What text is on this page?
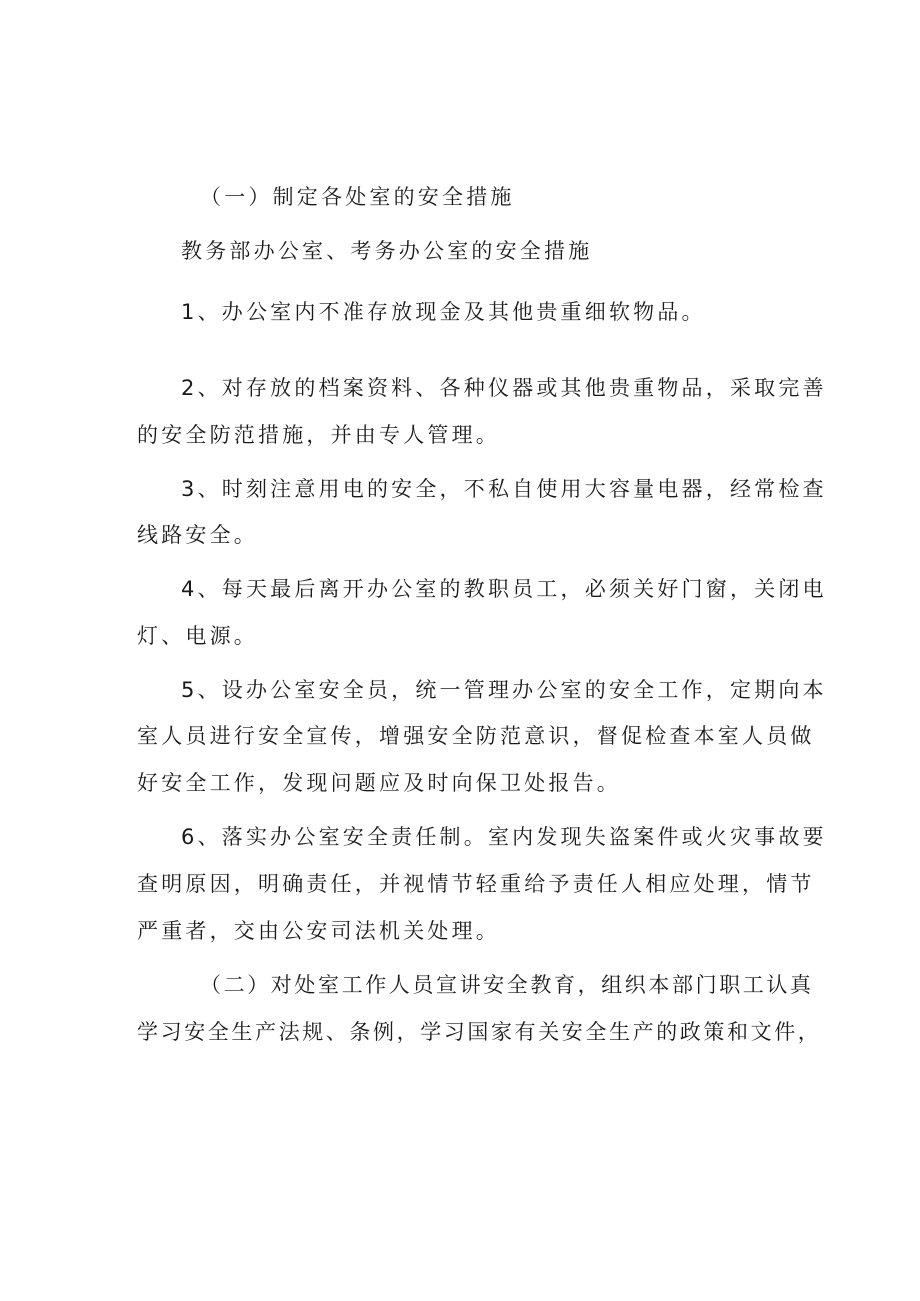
（一）制定各处室的安全措施
教务部办公室、考务办公室的安全措施
1、办公室内不准存放现金及其他贵重细软物品。
2、对存放的档案资料、各种仪器或其他贵重物品，采取完善
的安全防范措施，并由专人管理。
3、时刻注意用电的安全，不私自使用大容量电器，经常检查
线路安全。
4、每天最后离开办公室的教职员工，必须关好门窗，关闭电
灯、电源。
5、设办公室安全员，统一管理办公室的安全工作，定期向本
室人员进行安全宣传，增强安全防范意识，督促检查本室人员做
好安全工作，发现问题应及时向保卫处报告。
6、落实办公室安全责任制。室内发现失盗案件或火灾事故要
查明原因，明确责任，并视情节轻重给予责任人相应处理，情节
严重者，交由公安司法机关处理。
（二）对处室工作人员宣讲安全教育，组织本部门职工认真
学习安全生产法规、条例，学习国家有关安全生产的政策和文件，
